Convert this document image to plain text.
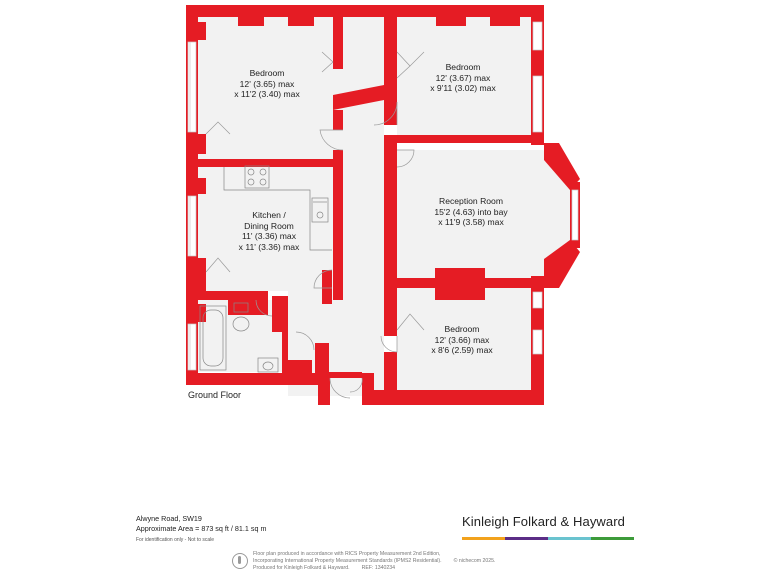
Bedroom
12' (3.65) max
x 11'2 (3.40) max
Bedroom
12' (3.67) max
x 9'11 (3.02) max
Reception Room
15'2 (4.63) into bay
x 11'9 (3.58) max
Kitchen /
Dining Room
11' (3.36) max
x 11' (3.36) max
Bedroom
12' (3.66) max
x 8'6 (2.59) max
Ground Floor
Alwyne Road, SW19
Approximate Area = 873 sq ft / 81.1 sq m
For identification only - Not to scale
Kinleigh Folkard & Hayward
Floor plan produced in accordance with RICS Property Measurement 2nd Edition,
Incorporating International Property Measurement Standards (IPMS2 Residential). © nichecom 2025.
Produced for Kinleigh Folkard & Hayward. REF: 1340234
